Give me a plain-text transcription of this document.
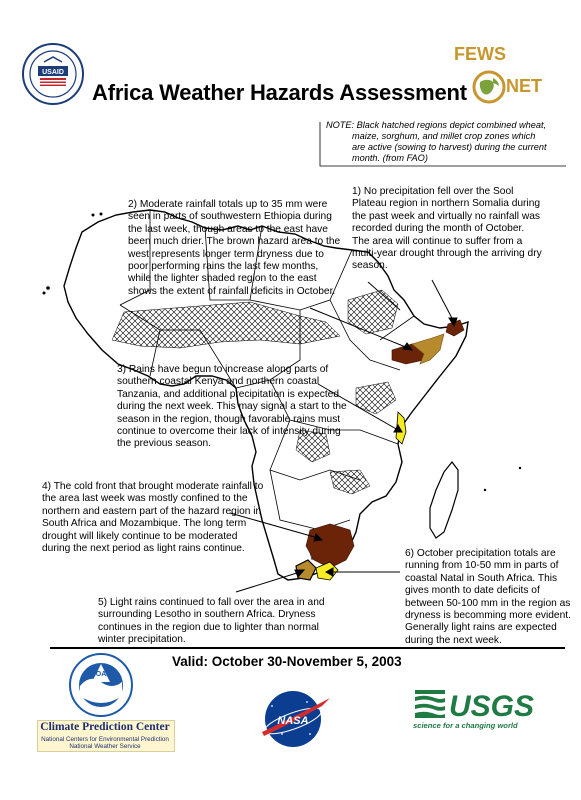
USAID
Africa Weather Hazards Assessment
FEWS
NET
NOTE: Black hatched regions depict combined wheat,
maize, sorghum, and millet crop zones which
are active (sowing to harvest) during the current
month. (from FAO)
1) No precipitation fell over the Sool Plateau region in northern Somalia during the past week and virtually no rainfall was recorded during the month of October. The area will continue to suffer from a multi-year drought through the arriving dry season.
2) Moderate rainfall totals up to 35 mm were seen in parts of southwestern Ethiopia during the last week, though areas to the east have been much drier. The brown hazard area to the west represents longer term dryness due to poor performing rains the last few months, while the lighter shaded region to the east shows the extent of rainfall deficits in October.
3) Rains have begun to increase along parts of southern coastal Kenya and northern coastal Tanzania, and additional precipitation is expected during the next week. This may signal a start to the season in the region, though favorable rains must continue to overcome their lack of intensity during the previous season.
4) The cold front that brought moderate rainfall to the area last week was mostly confined to the northern and eastern part of the hazard region in South Africa and Mozambique. The long term drought will likely continue to be moderated during the next period as light rains continue.
5) Light rains continued to fall over the area in and surrounding Lesotho in southern Africa. Dryness continues in the region due to lighter than normal winter precipitation.
6) October precipitation totals are running from 10-50 mm in parts of coastal Natal in South Africa. This gives month to date deficits of between 50-100 mm in the region as dryness is becomming more evident. Generally light rains are expected during the next week.
Valid: October 30-November 5, 2003
NOAA
Climate Prediction Center
National Centers for Environmental Prediction
National Weather Service
NASA	USGS
science for a changing world
